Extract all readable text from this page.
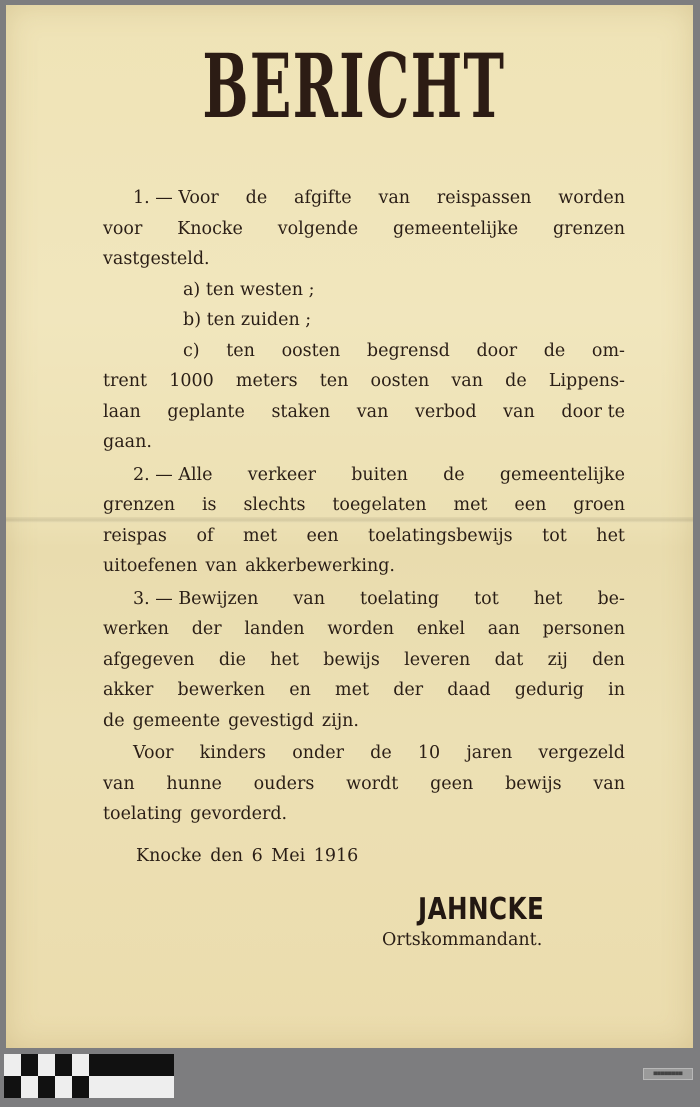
BERICHT
1. — Voor de afgifte van reispassen worden
voor Knocke volgende gemeentelijke grenzen
vastgesteld.
a) ten westen ;
b) ten zuiden ;
c) ten oosten begrensd door de om-
trent 1000 meters ten oosten van de Lippens-
laan geplante staken van verbod van door te
gaan.
2. — Alle verkeer buiten de gemeentelijke
grenzen is slechts toegelaten met een groen
reispas of met een toelatingsbewijs tot het
uitoefenen van akkerbewerking.
3. — Bewijzen van toelating tot het be-
werken der landen worden enkel aan personen
afgegeven die het bewijs leveren dat zij den
akker bewerken en met der daad gedurig in
de gemeente gevestigd zijn.
Voor kinders onder de 10 jaren vergezeld
van hunne ouders wordt geen bewijs van
toelating gevorderd.
Knocke den 6 Mei 1916
JAHNCKE
Ortskommandant.
■■■■■■■■
